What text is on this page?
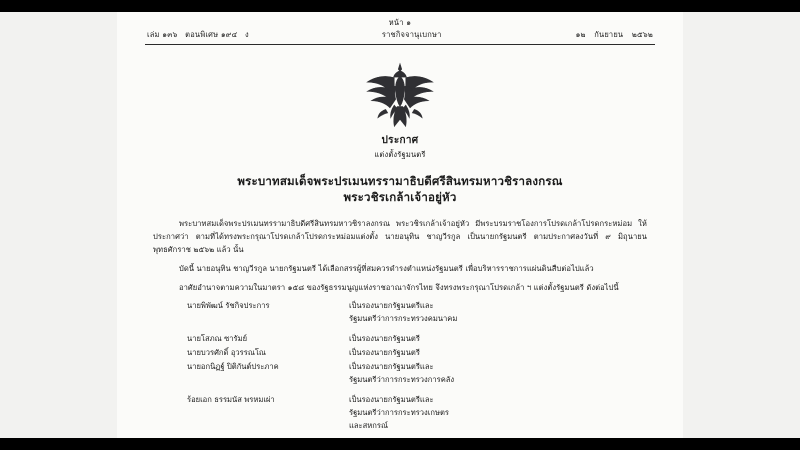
หน้า ๑
เล่ม ๑๓๖ ตอนพิเศษ ๑๙๔ ง	ราชกิจจานุเบกษา	๑๒ กันยายน ๒๕๖๒
ประกาศ
แต่งตั้งรัฐมนตรี
พระบาทสมเด็จพระปรเมนทรรามาธิบดีศรีสินทรมหาวชิราลงกรณ
พระวชิรเกล้าเจ้าอยู่หัว

พระบาทสมเด็จพระปรเมนทรรามาธิบดีศรีสินทรมหาวชิราลงกรณ พระวชิรเกล้าเจ้าอยู่หัว มีพระบรมราชโองการโปรดเกล้าโปรดกระหม่อม ให้ประกาศว่า ตามที่ได้ทรงพระกรุณาโปรดเกล้าโปรดกระหม่อมแต่งตั้ง นายอนุทิน ชาญวีรกูล เป็นนายกรัฐมนตรี ตามประกาศลงวันที่ ๙ มิถุนายน พุทธศักราช ๒๕๖๒ แล้ว นั้น

บัดนี้ นายอนุทิน ชาญวีรกูล นายกรัฐมนตรี ได้เลือกสรรผู้ที่สมควรดำรงตำแหน่งรัฐมนตรี เพื่อบริหารราชการแผ่นดินสืบต่อไปแล้ว

อาศัยอำนาจตามความในมาตรา ๑๕๘ ของรัฐธรรมนูญแห่งราชอาณาจักรไทย จึงทรงพระกรุณาโปรดเกล้า ฯ แต่งตั้งรัฐมนตรี ดังต่อไปนี้

นายพิพัฒน์ รัชกิจประการ	เป็นรองนายกรัฐมนตรีและ
รัฐมนตรีว่าการกระทรวงคมนาคม
นายโสภณ ซารัมย์	เป็นรองนายกรัฐมนตรี
นายบวรศักดิ์ อุวรรณโณ	เป็นรองนายกรัฐมนตรี
นายอกนิฏฐ์ ปิติกันต์ประภาค	เป็นรองนายกรัฐมนตรีและ
รัฐมนตรีว่าการกระทรวงการคลัง
ร้อยเอก ธรรมนัส พรหมเผ่า	เป็นรองนายกรัฐมนตรีและ
รัฐมนตรีว่าการกระทรวงเกษตร
และสหกรณ์
